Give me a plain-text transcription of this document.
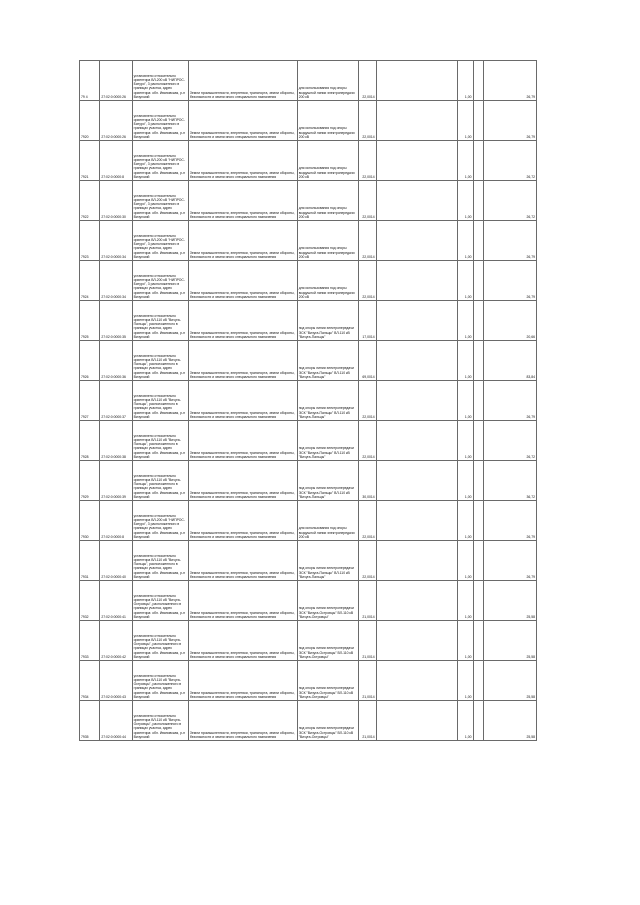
79 4	27:02:0:0000:26	установлено относительно ориентира ВЛ-200 кВ "НИПРОС-Батуро", 3 расположенного в границах участка, адрес ориентира: обл. Ивановская, р-н Вичугский	Земли промышленности, энергетики, транспорта, земли обороны, безопасности и земли иного специального назначения	для использования под опоры воздушной линии электропередачи 200 кВ	22,0014		1,00		26,79
7920	27:02:0:0000:26	установлено относительно ориентира ВЛ-200 кВ "НИПРОС-Батуро", 3 расположенного в границах участка, адрес ориентира: обл. Ивановская, р-н Вичугский	Земли промышленности, энергетики, транспорта, земли обороны, безопасности и земли иного специального назначения	для использования под опоры воздушной линии электропередачи 200 кВ	22,0014		1,00		26,79
7921	27:02:0:0000:8	установлено относительно ориентира ВЛ-200 кВ "НИПРОС-Батуро", 3 расположенного в границах участка, адрес ориентира: обл. Ивановская, р-н Вичугский	Земли промышленности, энергетики, транспорта, земли обороны, безопасности и земли иного специального назначения	для использования под опоры воздушной линии электропередачи 200 кВ	22,0014		1,00		26,72
7922	27:02:0:0000:30	установлено относительно ориентира ВЛ-200 кВ "НИПРОС-Батуро", 3 расположенного в границах участка, адрес ориентира: обл. Ивановская, р-н Вичугский	Земли промышленности, энергетики, транспорта, земли обороны, безопасности и земли иного специального назначения	для использования под опоры воздушной линии электропередачи 200 кВ	22,0014		1,00		26,72
7923	27:02:0:0000:34	установлено относительно ориентира ВЛ-200 кВ "НИПРОС-Батуро", 3 расположенного в границах участка, адрес ориентира: обл. Ивановская, р-н Вичугский	Земли промышленности, энергетики, транспорта, земли обороны, безопасности и земли иного специального назначения	для использования под опоры воздушной линии электропередачи 200 кВ	22,0014		1,00		26,79
7924	27:02:0:0000:34	установлено относительно ориентира ВЛ-200 кВ "НИПРОС-Батуро", 3 расположенного в границах участка, адрес ориентира: обл. Ивановская, р-н Вичугский	Земли промышленности, энергетики, транспорта, земли обороны, безопасности и земли иного специального назначения	для использования под опоры воздушной линии электропередачи 200 кВ	22,0014		1,00		26,79
7925	27:02:0:0000:35	установлено относительно ориентира ВЛ-110 кВ "Вичуга-Пальцы", расположенного в границах участка, адрес ориентира: обл. Ивановская, р-н Вичугский	Земли промышленности, энергетики, транспорта, земли обороны, безопасности и земли иного специального назначения	под опоры линии электропередачи ЭСК "Вичуга-Пальцы" ВЛ-110 кВ "Вичуга-Пальцы"	17,0014		1,00		20,66
7926	27:02:0:0000:36	установлено относительно ориентира ВЛ-110 кВ "Вичуга-Пальцы", расположенного в границах участка, адрес ориентира: обл. Ивановская, р-н Вичугский	Земли промышленности, энергетики, транспорта, земли обороны, безопасности и земли иного специального назначения	под опоры линии электропередачи ЭСК "Вичуга-Пальцы" ВЛ-110 кВ "Вичуга-Пальцы"	69,0014		1,00		83,84
7927	27:02:0:0000:37	установлено относительно ориентира ВЛ-110 кВ "Вичуга-Пальцы", расположенного в границах участка, адрес ориентира: обл. Ивановская, р-н Вичугский	Земли промышленности, энергетики, транспорта, земли обороны, безопасности и земли иного специального назначения	под опоры линии электропередачи ЭСК "Вичуга-Пальцы" ВЛ-110 кВ "Вичуга-Пальцы"	22,0014		1,00		26,79
7928	27:02:0:0000:38	установлено относительно ориентира ВЛ-110 кВ "Вичуга-Пальцы", расположенного в границах участка, адрес ориентира: обл. Ивановская, р-н Вичугский	Земли промышленности, энергетики, транспорта, земли обороны, безопасности и земли иного специального назначения	под опоры линии электропередачи ЭСК "Вичуга-Пальцы" ВЛ-110 кВ "Вичуга-Пальцы"	22,0014		1,00		26,72
7929	27:02:0:0000:39	установлено относительно ориентира ВЛ-110 кВ "Вичуга-Пальцы", расположенного в границах участка, адрес ориентира: обл. Ивановская, р-н Вичугский	Земли промышленности, энергетики, транспорта, земли обороны, безопасности и земли иного специального назначения	под опоры линии электропередачи ЭСК "Вичуга-Пальцы" ВЛ-110 кВ "Вичуга-Пальцы"	30,0014		1,00		36,72
7930	27:02:0:0000:8	установлено относительно ориентира ВЛ-200 кВ "НИПРОС-Батуро", 3 расположенного в границах участка, адрес ориентира: обл. Ивановская, р-н Вичугский	Земли промышленности, энергетики, транспорта, земли обороны, безопасности и земли иного специального назначения	для использования под опоры воздушной линии электропередачи 200 кВ	22,0014		1,00		26,79
7931	27:02:0:0000:40	установлено относительно ориентира ВЛ-110 кВ "Вичуга-Пальцы", расположенного в границах участка, адрес ориентира: обл. Ивановская, р-н Вичугский	Земли промышленности, энергетики, транспорта, земли обороны, безопасности и земли иного специального назначения	под опоры линии электропередачи ЭСК "Вичуга-Пальцы" ВЛ-110 кВ "Вичуга-Пальцы"	22,0014		1,00		26,79
7932	27:02:0:0000:41	установлено относительно ориентира ВЛ-110 кВ "Вичуга-Островцы", расположенного в границах участка, адрес ориентира: обл. Ивановская, р-н Вичугский	Земли промышленности, энергетики, транспорта, земли обороны, безопасности и земли иного специального назначения	под опоры линии электропередачи ЭСК "Вичуга-Островцы" ВЛ-110 кВ "Вичуга-Островцы"	21,0014		1,00		25,58
7933	27:02:0:0000:42	установлено относительно ориентира ВЛ-110 кВ "Вичуга-Островцы", расположенного в границах участка, адрес ориентира: обл. Ивановская, р-н Вичугский	Земли промышленности, энергетики, транспорта, земли обороны, безопасности и земли иного специального назначения	под опоры линии электропередачи ЭСК "Вичуга-Островцы" ВЛ-110 кВ "Вичуга-Островцы"	21,0014		1,00		25,58
7934	27:02:0:0000:43	установлено относительно ориентира ВЛ-110 кВ "Вичуга-Островцы", расположенного в границах участка, адрес ориентира: обл. Ивановская, р-н Вичугский	Земли промышленности, энергетики, транспорта, земли обороны, безопасности и земли иного специального назначения	под опоры линии электропередачи ЭСК "Вичуга-Островцы" ВЛ-110 кВ "Вичуга-Островцы"	21,0014		1,00		25,58
7935	27:02:0:0000:44	установлено относительно ориентира ВЛ-110 кВ "Вичуга-Островцы", расположенного в границах участка, адрес ориентира: обл. Ивановская, р-н Вичугский	Земли промышленности, энергетики, транспорта, земли обороны, безопасности и земли иного специального назначения	под опоры линии электропередачи ЭСК "Вичуга-Островцы" ВЛ-110 кВ "Вичуга-Островцы"	21,0014		1,00		25,58
